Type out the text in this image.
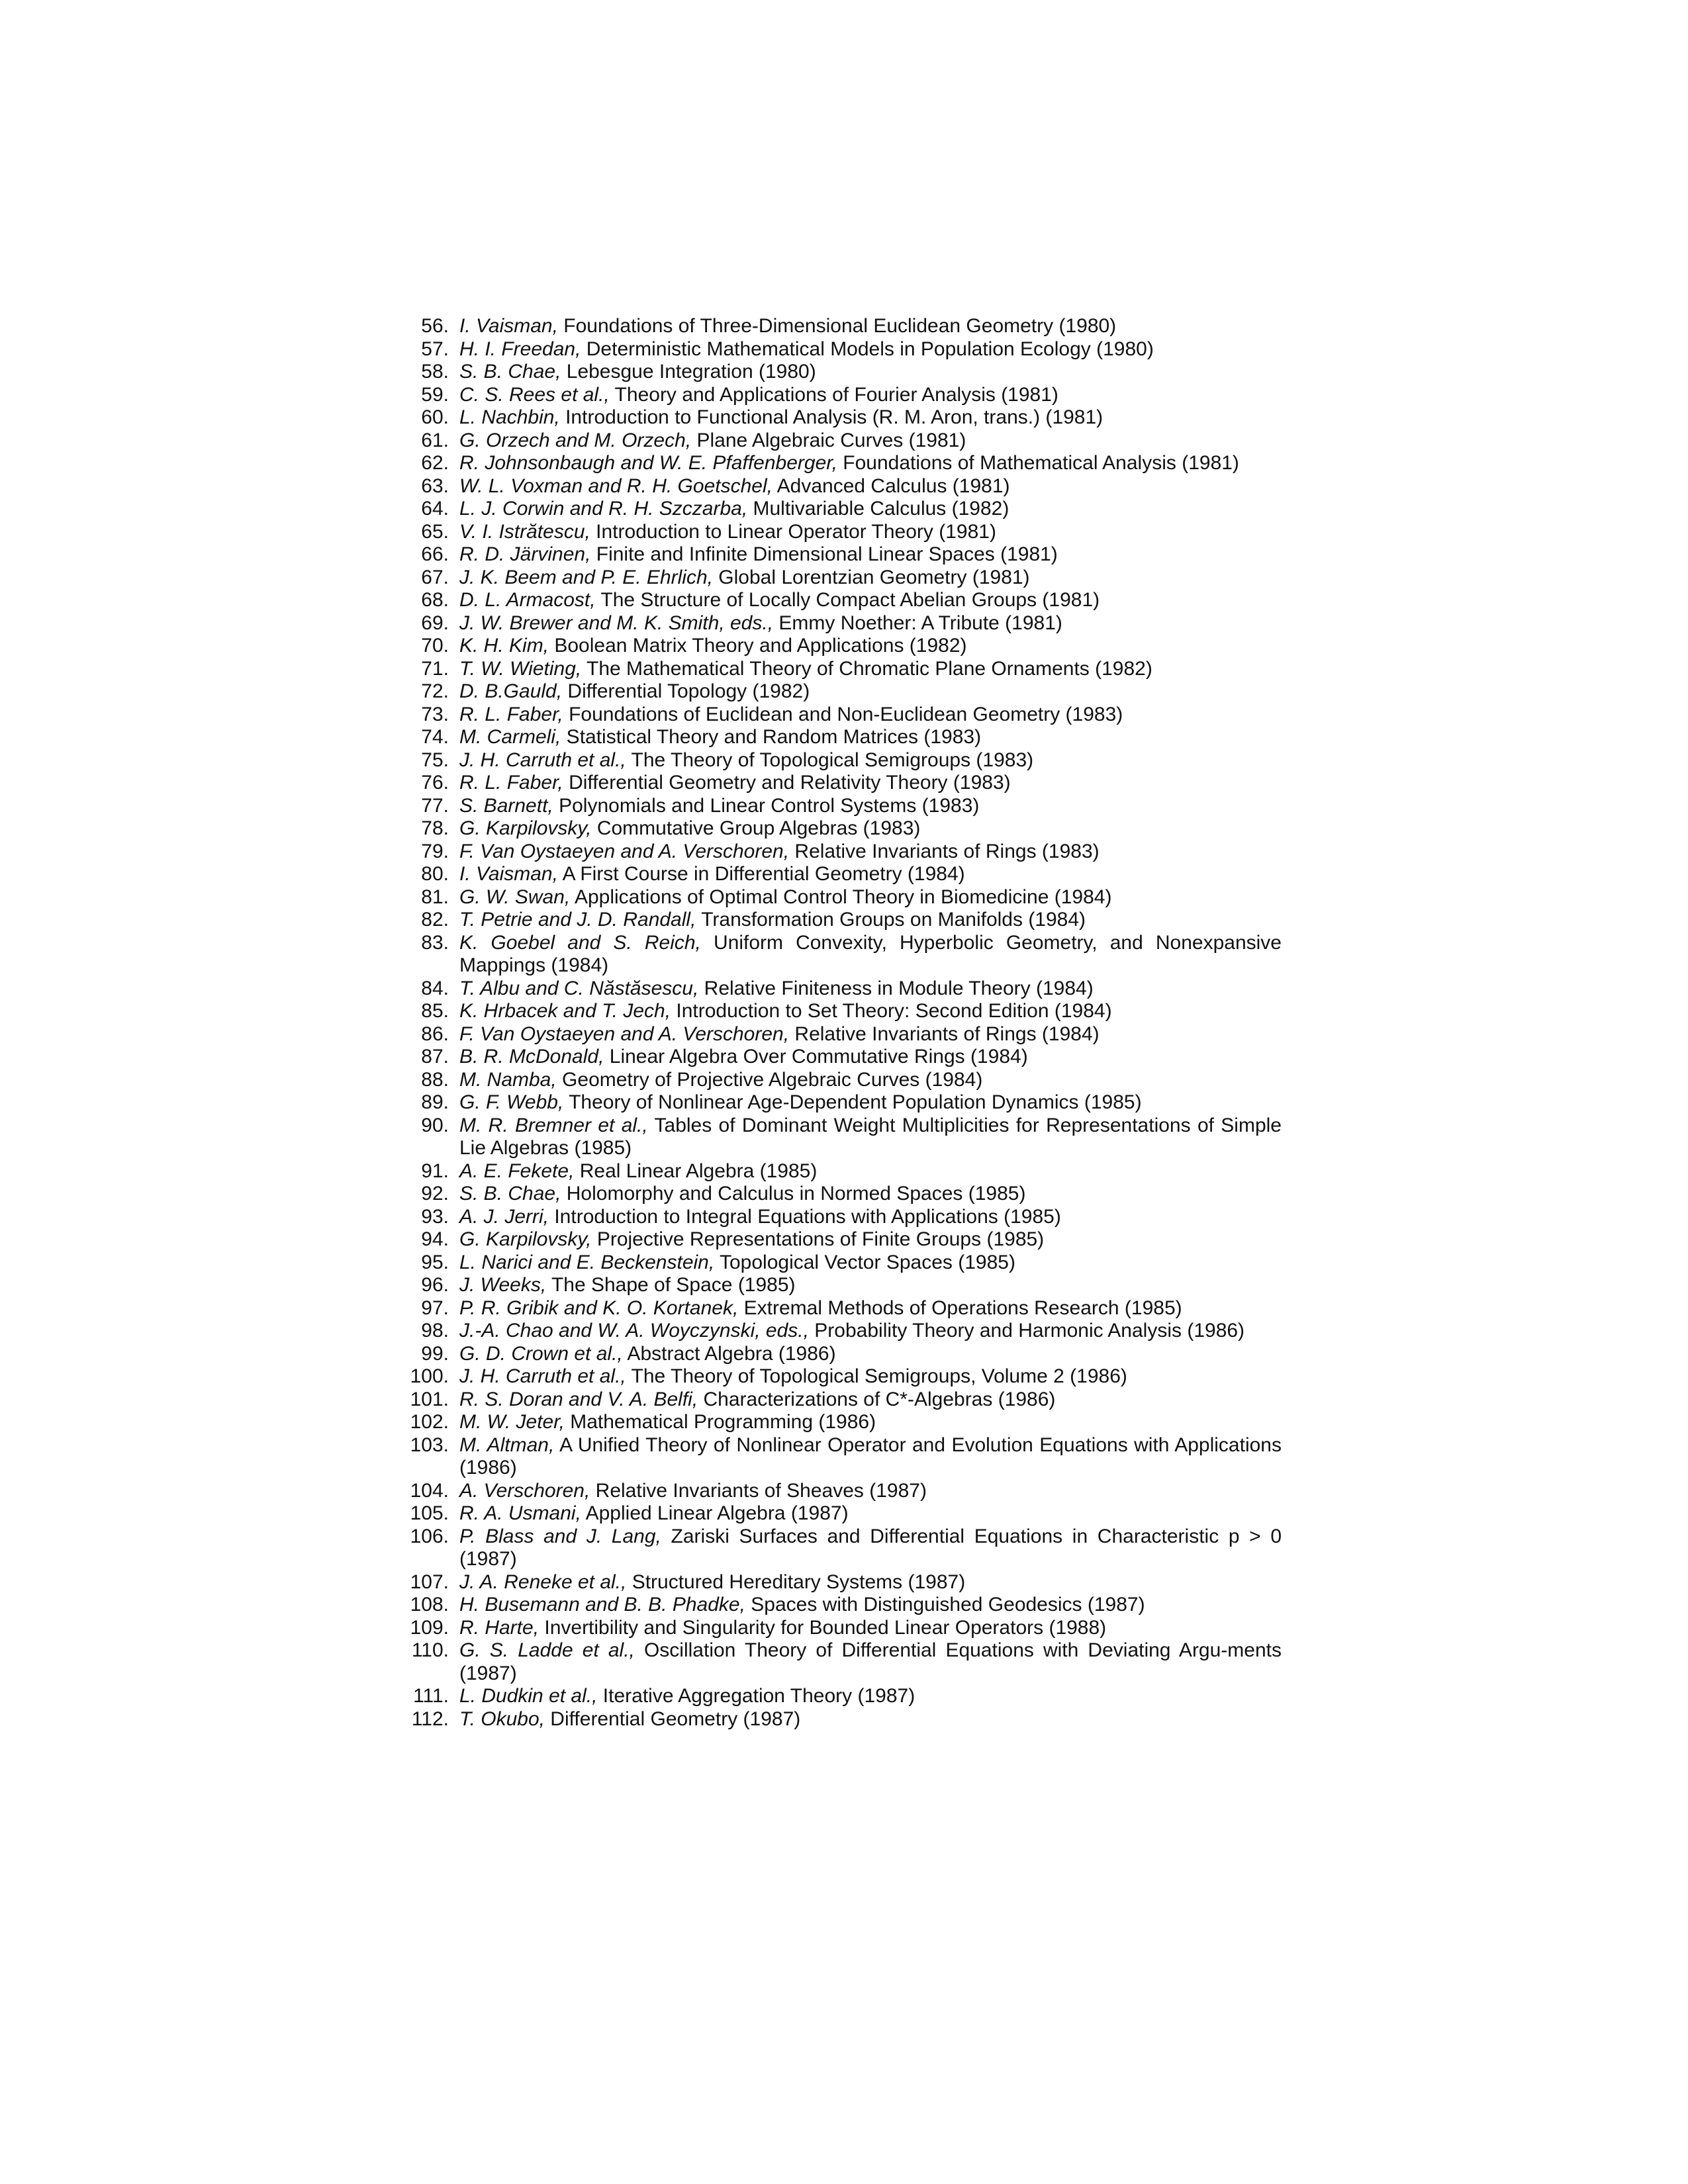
56. I. Vaisman, Foundations of Three-Dimensional Euclidean Geometry (1980)
57. H. I. Freedan, Deterministic Mathematical Models in Population Ecology (1980)
58. S. B. Chae, Lebesgue Integration (1980)
59. C. S. Rees et al., Theory and Applications of Fourier Analysis (1981)
60. L. Nachbin, Introduction to Functional Analysis (R. M. Aron, trans.) (1981)
61. G. Orzech and M. Orzech, Plane Algebraic Curves (1981)
62. R. Johnsonbaugh and W. E. Pfaffenberger, Foundations of Mathematical Analysis (1981)
63. W. L. Voxman and R. H. Goetschel, Advanced Calculus (1981)
64. L. J. Corwin and R. H. Szczarba, Multivariable Calculus (1982)
65. V. I. Istrătescu, Introduction to Linear Operator Theory (1981)
66. R. D. Järvinen, Finite and Infinite Dimensional Linear Spaces (1981)
67. J. K. Beem and P. E. Ehrlich, Global Lorentzian Geometry (1981)
68. D. L. Armacost, The Structure of Locally Compact Abelian Groups (1981)
69. J. W. Brewer and M. K. Smith, eds., Emmy Noether: A Tribute (1981)
70. K. H. Kim, Boolean Matrix Theory and Applications (1982)
71. T. W. Wieting, The Mathematical Theory of Chromatic Plane Ornaments (1982)
72. D. B.Gauld, Differential Topology (1982)
73. R. L. Faber, Foundations of Euclidean and Non-Euclidean Geometry (1983)
74. M. Carmeli, Statistical Theory and Random Matrices (1983)
75. J. H. Carruth et al., The Theory of Topological Semigroups (1983)
76. R. L. Faber, Differential Geometry and Relativity Theory (1983)
77. S. Barnett, Polynomials and Linear Control Systems (1983)
78. G. Karpilovsky, Commutative Group Algebras (1983)
79. F. Van Oystaeyen and A. Verschoren, Relative Invariants of Rings (1983)
80. I. Vaisman, A First Course in Differential Geometry (1984)
81. G. W. Swan, Applications of Optimal Control Theory in Biomedicine (1984)
82. T. Petrie and J. D. Randall, Transformation Groups on Manifolds (1984)
83. K. Goebel and S. Reich, Uniform Convexity, Hyperbolic Geometry, and Nonexpansive Mappings (1984)
84. T. Albu and C. Năstăsescu, Relative Finiteness in Module Theory (1984)
85. K. Hrbacek and T. Jech, Introduction to Set Theory: Second Edition (1984)
86. F. Van Oystaeyen and A. Verschoren, Relative Invariants of Rings (1984)
87. B. R. McDonald, Linear Algebra Over Commutative Rings (1984)
88. M. Namba, Geometry of Projective Algebraic Curves (1984)
89. G. F. Webb, Theory of Nonlinear Age-Dependent Population Dynamics (1985)
90. M. R. Bremner et al., Tables of Dominant Weight Multiplicities for Representations of Simple Lie Algebras (1985)
91. A. E. Fekete, Real Linear Algebra (1985)
92. S. B. Chae, Holomorphy and Calculus in Normed Spaces (1985)
93. A. J. Jerri, Introduction to Integral Equations with Applications (1985)
94. G. Karpilovsky, Projective Representations of Finite Groups (1985)
95. L. Narici and E. Beckenstein, Topological Vector Spaces (1985)
96. J. Weeks, The Shape of Space (1985)
97. P. R. Gribik and K. O. Kortanek, Extremal Methods of Operations Research (1985)
98. J.-A. Chao and W. A. Woyczynski, eds., Probability Theory and Harmonic Analysis (1986)
99. G. D. Crown et al., Abstract Algebra (1986)
100. J. H. Carruth et al., The Theory of Topological Semigroups, Volume 2 (1986)
101. R. S. Doran and V. A. Belfi, Characterizations of C*-Algebras (1986)
102. M. W. Jeter, Mathematical Programming (1986)
103. M. Altman, A Unified Theory of Nonlinear Operator and Evolution Equations with Applications (1986)
104. A. Verschoren, Relative Invariants of Sheaves (1987)
105. R. A. Usmani, Applied Linear Algebra (1987)
106. P. Blass and J. Lang, Zariski Surfaces and Differential Equations in Characteristic p > 0 (1987)
107. J. A. Reneke et al., Structured Hereditary Systems (1987)
108. H. Busemann and B. B. Phadke, Spaces with Distinguished Geodesics (1987)
109. R. Harte, Invertibility and Singularity for Bounded Linear Operators (1988)
110. G. S. Ladde et al., Oscillation Theory of Differential Equations with Deviating Argu-ments (1987)
111. L. Dudkin et al., Iterative Aggregation Theory (1987)
112. T. Okubo, Differential Geometry (1987)
